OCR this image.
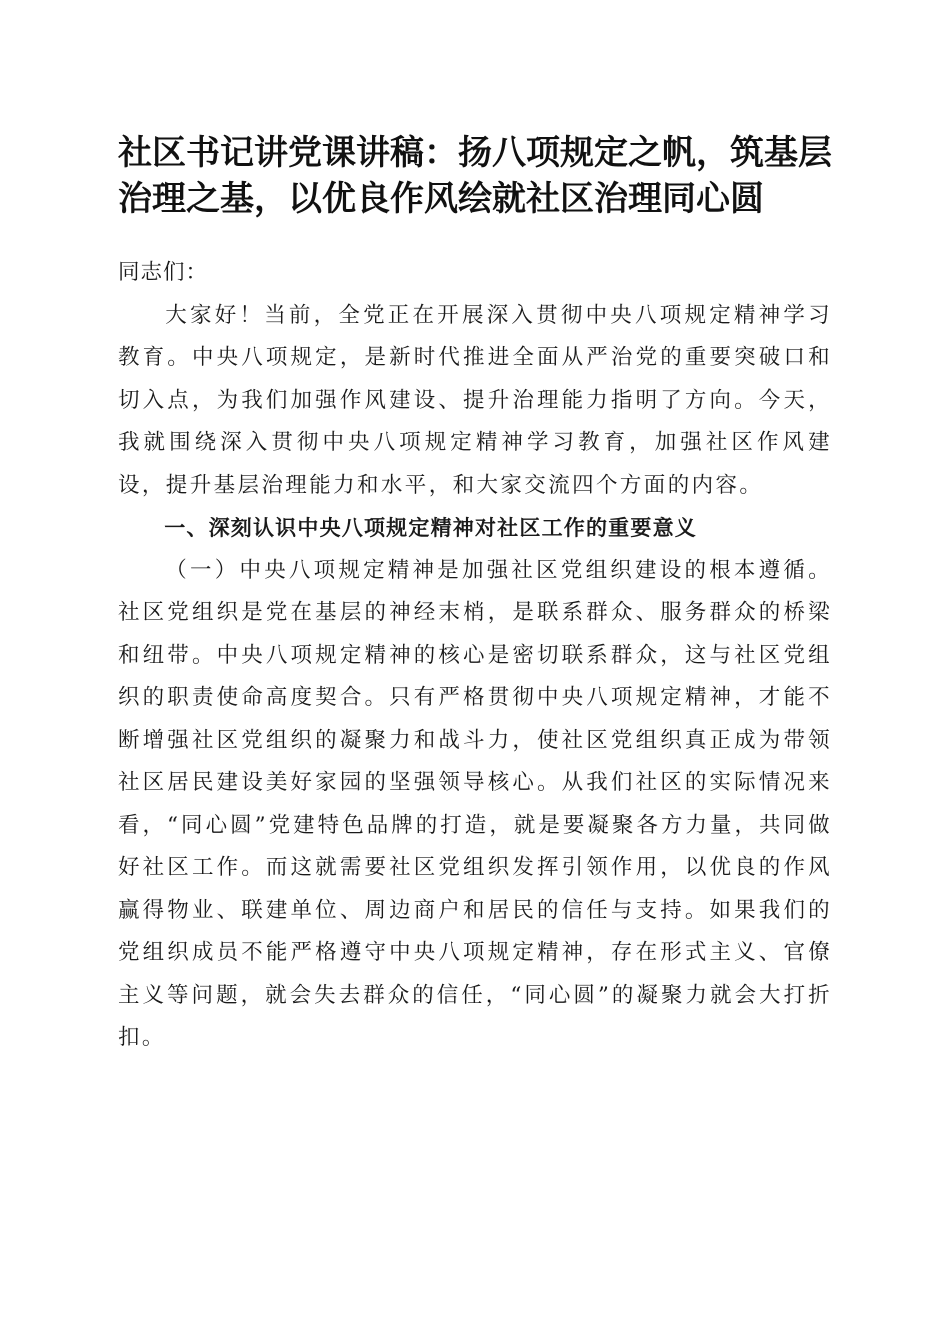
社区书记讲党课讲稿：扬八项规定之帆，筑基层治理之基，以优良作风绘就社区治理同心圆

同志们：

大家好！当前，全党正在开展深入贯彻中央八项规定精神学习教育。中央八项规定，是新时代推进全面从严治党的重要突破口和切入点，为我们加强作风建设、提升治理能力指明了方向。今天，我就围绕深入贯彻中央八项规定精神学习教育，加强社区作风建设，提升基层治理能力和水平，和大家交流四个方面的内容。

一、深刻认识中央八项规定精神对社区工作的重要意义

（一）中央八项规定精神是加强社区党组织建设的根本遵循。社区党组织是党在基层的神经末梢，是联系群众、服务群众的桥梁和纽带。中央八项规定精神的核心是密切联系群众，这与社区党组织的职责使命高度契合。只有严格贯彻中央八项规定精神，才能不断增强社区党组织的凝聚力和战斗力，使社区党组织真正成为带领社区居民建设美好家园的坚强领导核心。从我们社区的实际情况来看，“同心圆”党建特色品牌的打造，就是要凝聚各方力量，共同做好社区工作。而这就需要社区党组织发挥引领作用，以优良的作风赢得物业、联建单位、周边商户和居民的信任与支持。如果我们的党组织成员不能严格遵守中央八项规定精神，存在形式主义、官僚主义等问题，就会失去群众的信任，“同心圆”的凝聚力就会大打折扣。
